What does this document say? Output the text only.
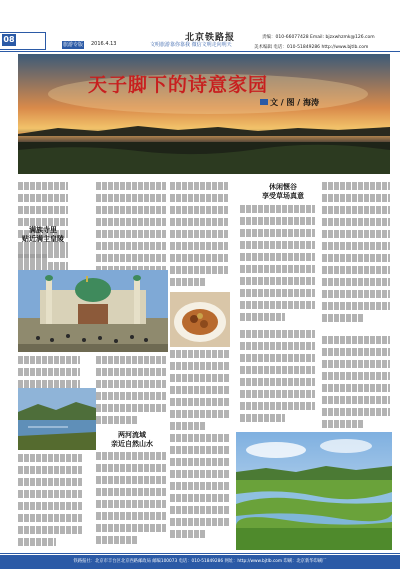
08
旅游专版 2016.4.13
北京铁路报
文明旅游靠你靠我 微信文明走向明天
责编：010-66077428 Email: bjzxwhzmk@126.com
美术编辑 电话：010-51849286 http://www.bjtlb.com
天子脚下的诗意家园
文 / 图 / 海涛
满族寺里
贴近满主皇陵
休闲惬谷
享受草场真意
两河流域
亲近自然山水
铁路报社：北京市丰台区北京西路邮政局 邮编100073 电话：010-51849286 网址：http://www.bjtlb.com 印刷：北京新华印刷厂
